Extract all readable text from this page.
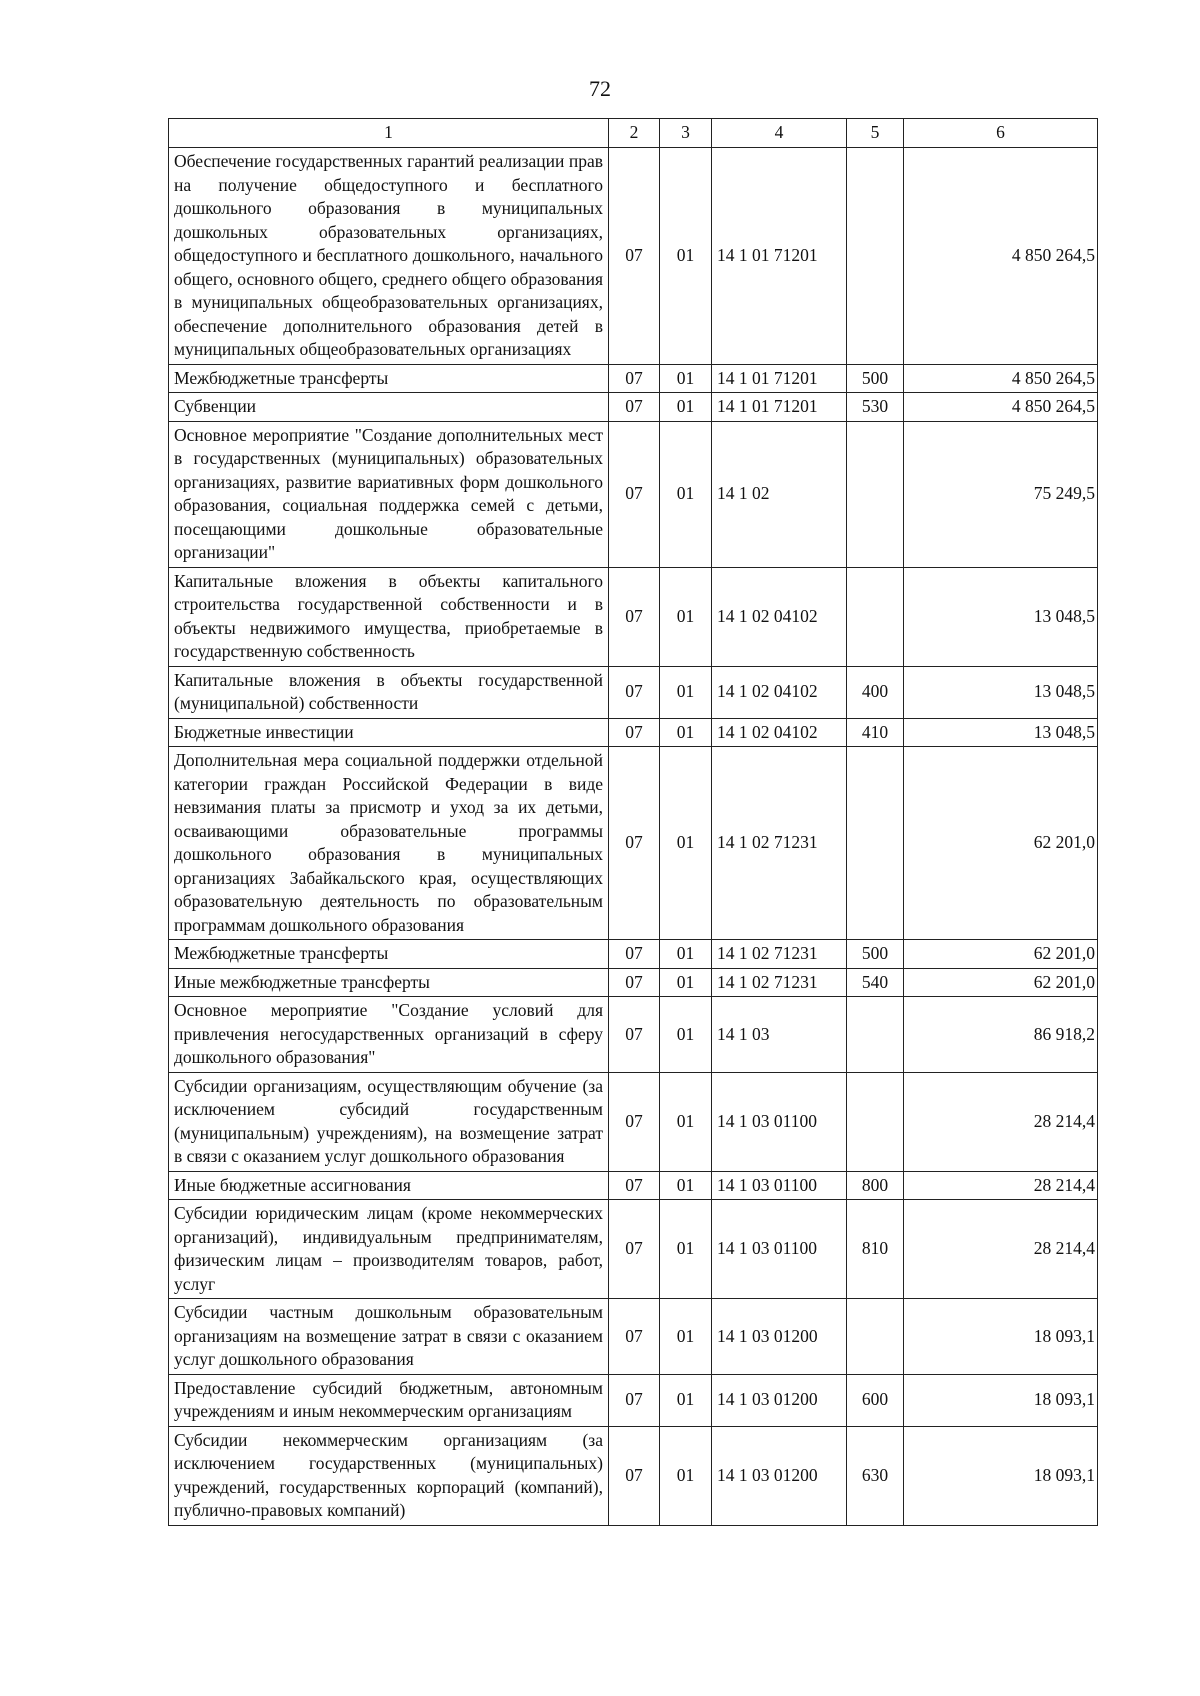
72
1	2	3	4	5	6
Обеспечение государственных гарантий реализации прав на получение общедоступного и бесплатного дошкольного образования в муниципальных дошкольных образовательных организациях, общедоступного и бесплатного дошкольного, начального общего, основного общего, среднего общего образования в муниципальных общеобразовательных организациях, обеспечение дополнительного образования детей в муниципальных общеобразовательных организациях	07	01	14 1 01 71201		4 850 264,5
Межбюджетные трансферты	07	01	14 1 01 71201	500	4 850 264,5
Субвенции	07	01	14 1 01 71201	530	4 850 264,5
Основное мероприятие "Создание дополнительных мест в государственных (муниципальных) образовательных организациях, развитие вариативных форм дошкольного образования, социальная поддержка семей с детьми, посещающими дошкольные образовательные организации"	07	01	14 1 02		75 249,5
Капитальные вложения в объекты капитального строительства государственной собственности и в объекты недвижимого имущества, приобретаемые в государственную собственность	07	01	14 1 02 04102		13 048,5
Капитальные вложения в объекты государственной (муниципальной) собственности	07	01	14 1 02 04102	400	13 048,5
Бюджетные инвестиции	07	01	14 1 02 04102	410	13 048,5
Дополнительная мера социальной поддержки отдельной категории граждан Российской Федерации в виде невзимания платы за присмотр и уход за их детьми, осваивающими образовательные программы дошкольного образования в муниципальных организациях Забайкальского края, осуществляющих образовательную деятельность по образовательным программам дошкольного образования	07	01	14 1 02 71231		62 201,0
Межбюджетные трансферты	07	01	14 1 02 71231	500	62 201,0
Иные межбюджетные трансферты	07	01	14 1 02 71231	540	62 201,0
Основное мероприятие "Создание условий для привлечения негосударственных организаций в сферу дошкольного образования"	07	01	14 1 03		86 918,2
Субсидии организациям, осуществляющим обучение (за исключением субсидий государственным (муниципальным) учреждениям), на возмещение затрат в связи с оказанием услуг дошкольного образования	07	01	14 1 03 01100		28 214,4
Иные бюджетные ассигнования	07	01	14 1 03 01100	800	28 214,4
Субсидии юридическим лицам (кроме некоммерческих организаций), индивидуальным предпринимателям, физическим лицам – производителям товаров, работ, услуг	07	01	14 1 03 01100	810	28 214,4
Субсидии частным дошкольным образовательным организациям на возмещение затрат в связи с оказанием услуг дошкольного образования	07	01	14 1 03 01200		18 093,1
Предоставление субсидий бюджетным, автономным учреждениям и иным некоммерческим организациям	07	01	14 1 03 01200	600	18 093,1
Субсидии некоммерческим организациям (за исключением государственных (муниципальных) учреждений, государственных корпораций (компаний), публично-правовых компаний)	07	01	14 1 03 01200	630	18 093,1
